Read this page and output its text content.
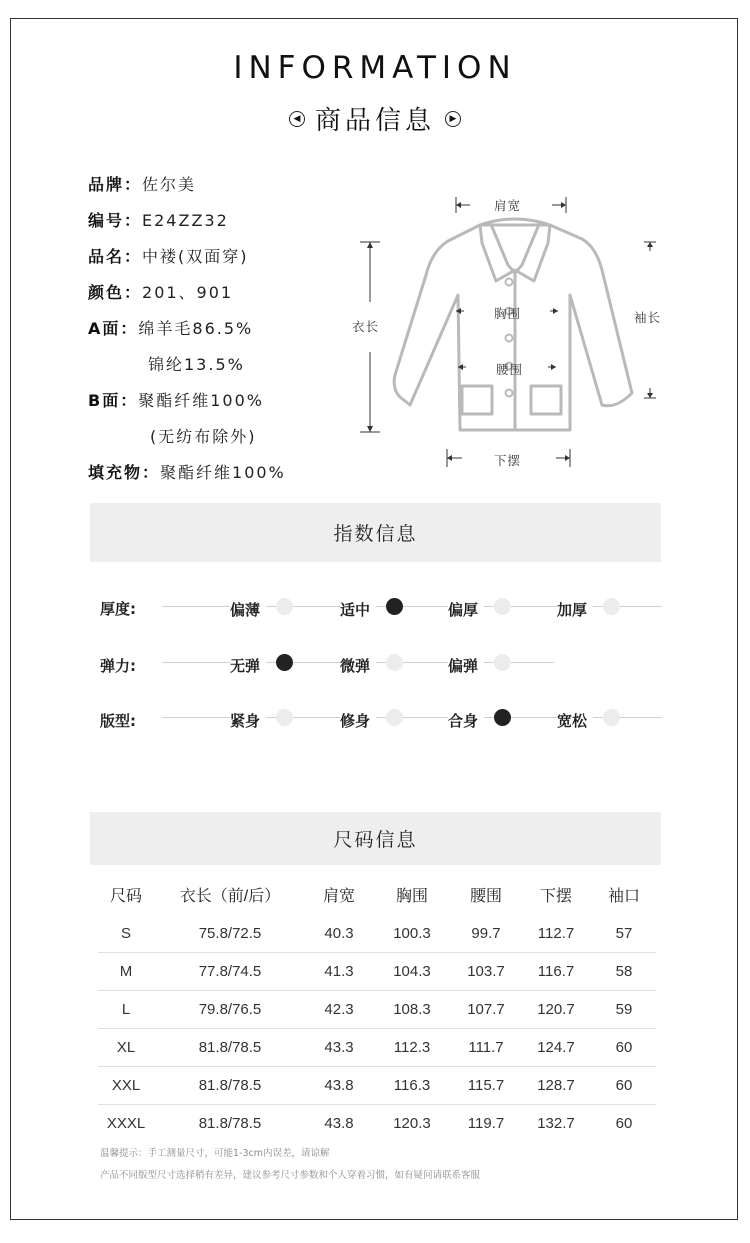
INFORMATION
◀ 商品信息 ▶
品牌：佐尔美
编号：E24ZZ32
品名：中褛(双面穿)
颜色：201、901
A面：绵羊毛86.5%
锦纶13.5%
B面：聚酯纤维100%
(无纺布除外)
填充物：聚酯纤维100%
肩宽
衣长
胸围
腰围
袖长
下摆
指数信息
厚度:	偏薄	适中	偏厚	加厚
弹力:	无弹	微弹	偏弹
版型:	紧身	修身	合身	宽松
尺码信息
尺码	衣长（前/后）	肩宽	胸围	腰围	下摆	袖口
S	75.8/72.5	40.3	100.3	99.7	112.7	57
M	77.8/74.5	41.3	104.3	103.7	116.7	58
L	79.8/76.5	42.3	108.3	107.7	120.7	59
XL	81.8/78.5	43.3	112.3	111.7	124.7	60
XXL	81.8/78.5	43.8	116.3	115.7	128.7	60
XXXL	81.8/78.5	43.8	120.3	119.7	132.7	60
温馨提示：手工测量尺寸，可能1-3cm内误差，请谅解
产品不同版型尺寸选择稍有差异，建议参考尺寸参数和个人穿着习惯，如有疑问请联系客服
